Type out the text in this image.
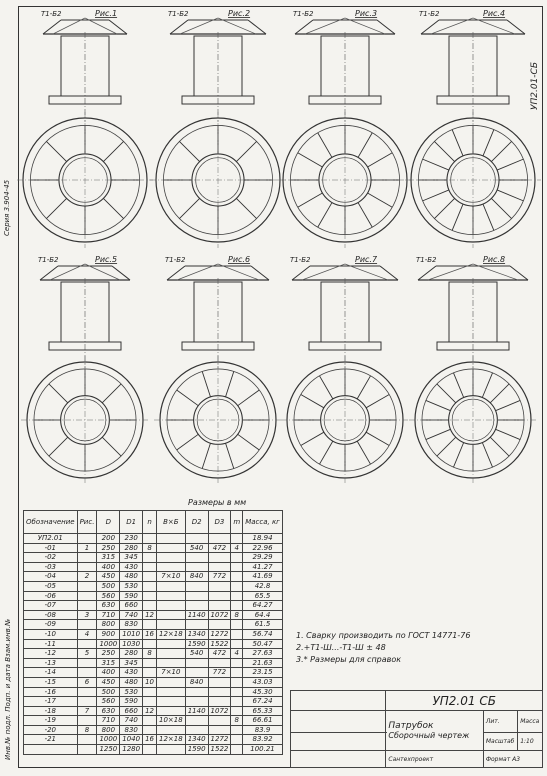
Серия 3.904-45
УП2.01-СБ
Инв.№ подл. Подп. и дата Взам.инв.№
Т1-Б2	Рис.1	Т1-Б2	Рис.2	Т1-Б2	Рис.3	Т1-Б2	Рис.4
Т1-Б2	Рис.5	Т1-Б2	Рис.6	Т1-Б2	Рис.7	Т1-Б2	Рис.8
Размеры в мм
Обозначение	Рис.	D	D1	n	B×Б	D2	D3	m	Масса, кг
УП2.01		200	230						18.94
-01	1	250	280	8		540	472	4	22.96
-02		315	345						29.29
-03		400	430						41.27
-04	2	450	480		7×10	840	772		41.69
-05		500	530						42.8
-06		560	590						65.5
-07		630	660						64.27
-08	3	710	740	12		1140	1072	8	64.4
-09		800	830						61.5
-10	4	900	1010	16	12×18	1340	1272		56.74
-11		1000	1030			1590	1522		50.47
-12	5	250	280	8		540	472	4	27.63
-13		315	345						21.63
-14		400	430		7×10		772		23.15
-15	6	450	480	10		840			43.03
-16		500	530						45.30
-17		560	590						67.24
-18	7	630	660	12		1140	1072		65.33
-19		710	740		10×18			8	66.61
-20	8	800	830						83.9
-21		1000	1040	16	12×18	1340	1272		83.92
		1250	1280			1590	1522		100.21
1. Сварку производить по ГОСТ 14771-76
2.+Т1-Ш...-Т1-Ш ± 48
3.* Размеры для справок
	УП2.01 СБ		

	Патрубок
Сборочный чертеж	Лит.	Масса
		Масштаб	1:10
	Сантехпроект	Формат А3	
